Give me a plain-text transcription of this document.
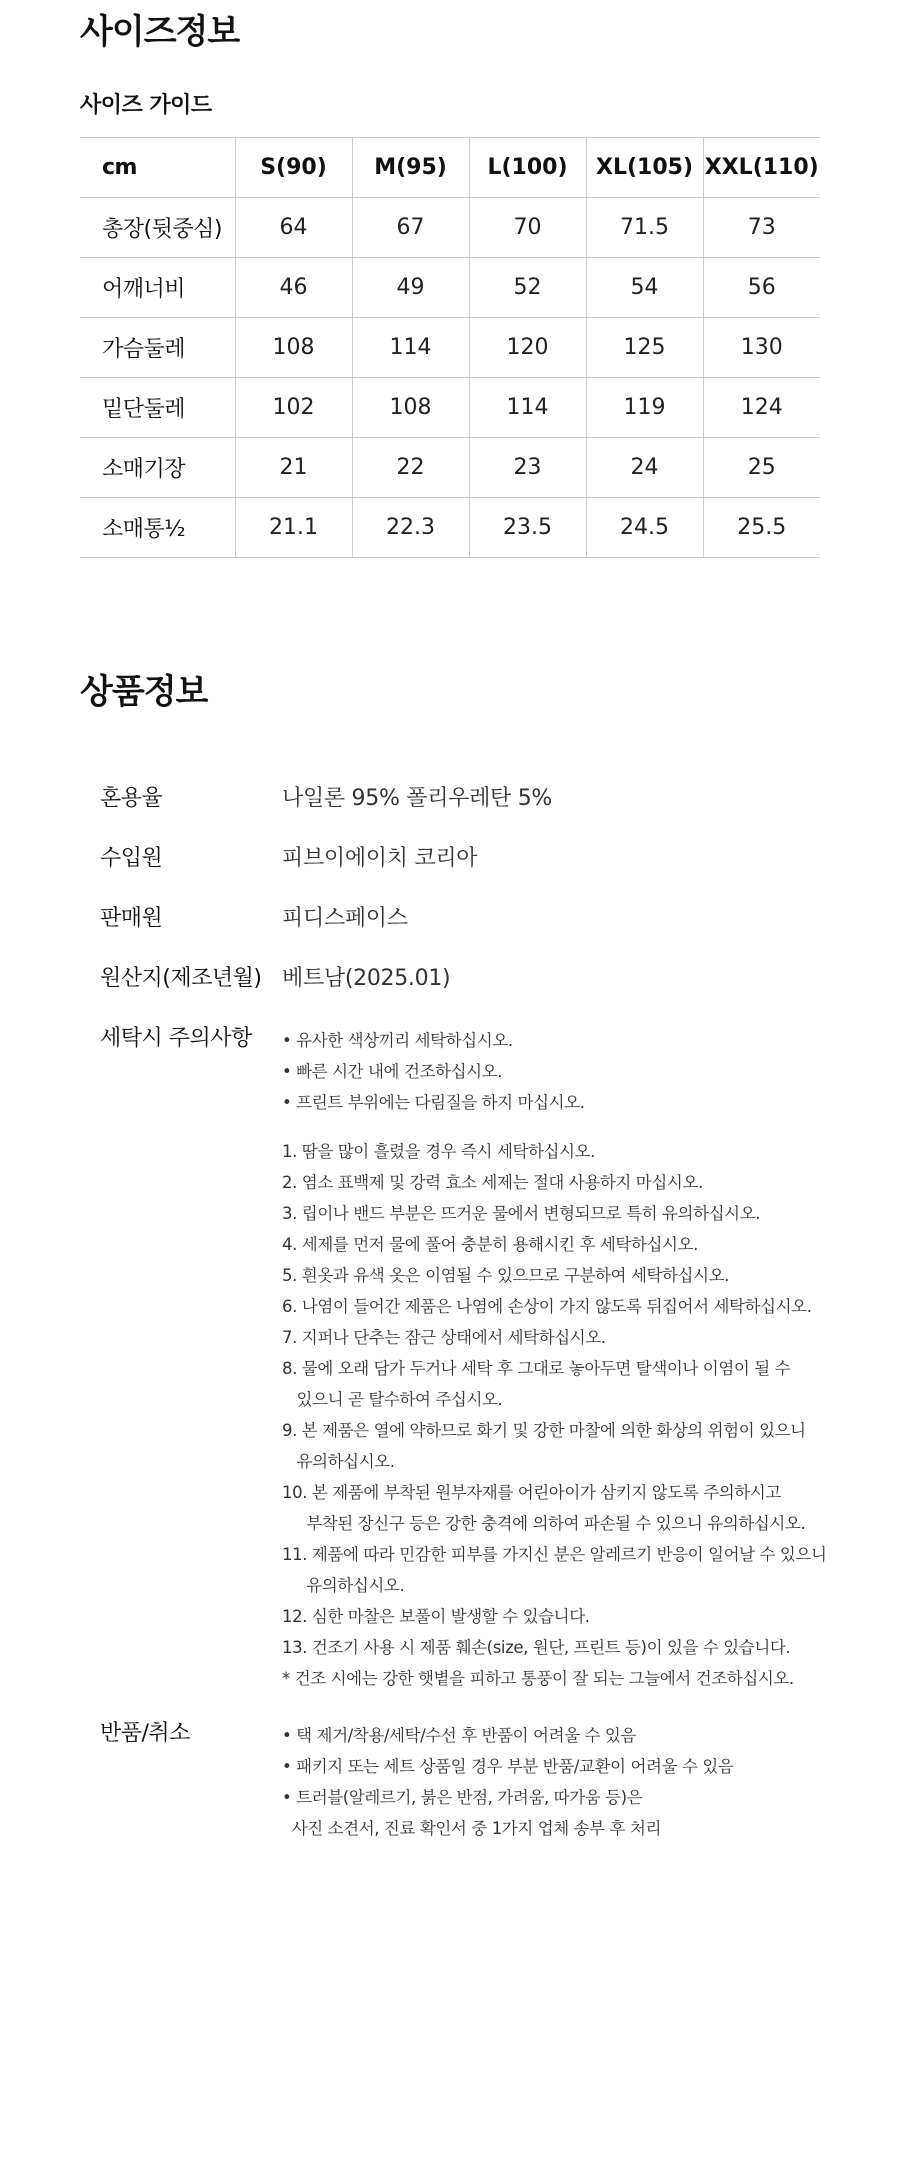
사이즈정보
사이즈 가이드
cm	S(90)	M(95)	L(100)	XL(105)	XXL(110)
총장(뒷중심)	64	67	70	71.5	73
어깨너비	46	49	52	54	56
가슴둘레	108	114	120	125	130
밑단둘레	102	108	114	119	124
소매기장	21	22	23	24	25
소매통½	21.1	22.3	23.5	24.5	25.5
상품정보
혼용율	나일론 95% 폴리우레탄 5%
수입원	피브이에이치 코리아
판매원	피디스페이스
원산지(제조년월) 베트남(2025.01)
세탁시 주의사항 • 유사한 색상끼리 세탁하십시오.
• 빠른 시간 내에 건조하십시오.
• 프린트 부위에는 다림질을 하지 마십시오.
1. 땀을 많이 흘렸을 경우 즉시 세탁하십시오.
2. 염소 표백제 및 강력 효소 세제는 절대 사용하지 마십시오.
3. 립이나 밴드 부분은 뜨거운 물에서 변형되므로 특히 유의하십시오.
4. 세제를 먼저 물에 풀어 충분히 용해시킨 후 세탁하십시오.
5. 흰옷과 유색 옷은 이염될 수 있으므로 구분하여 세탁하십시오.
6. 나염이 들어간 제품은 나염에 손상이 가지 않도록 뒤집어서 세탁하십시오.
7. 지퍼나 단추는 잠근 상태에서 세탁하십시오.
8. 물에 오래 담가 두거나 세탁 후 그대로 놓아두면 탈색이나 이염이 될 수
있으니 곧 탈수하여 주십시오.
9. 본 제품은 열에 약하므로 화기 및 강한 마찰에 의한 화상의 위험이 있으니
유의하십시오.
10. 본 제품에 부착된 원부자재를 어린아이가 삼키지 않도록 주의하시고
부착된 장신구 등은 강한 충격에 의하여 파손될 수 있으니 유의하십시오.
11. 제품에 따라 민감한 피부를 가지신 분은 알레르기 반응이 일어날 수 있으니
유의하십시오.
12. 심한 마찰은 보풀이 발생할 수 있습니다.
13. 건조기 사용 시 제품 훼손(size, 원단, 프린트 등)이 있을 수 있습니다.
* 건조 시에는 강한 햇볕을 피하고 통풍이 잘 되는 그늘에서 건조하십시오.
반품/취소	• 택 제거/착용/세탁/수선 후 반품이 어려울 수 있음
• 패키지 또는 세트 상품일 경우 부분 반품/교환이 어려울 수 있음
• 트러블(알레르기, 붉은 반점, 가려움, 따가움 등)은
사진 소견서, 진료 확인서 중 1가지 업체 송부 후 처리
